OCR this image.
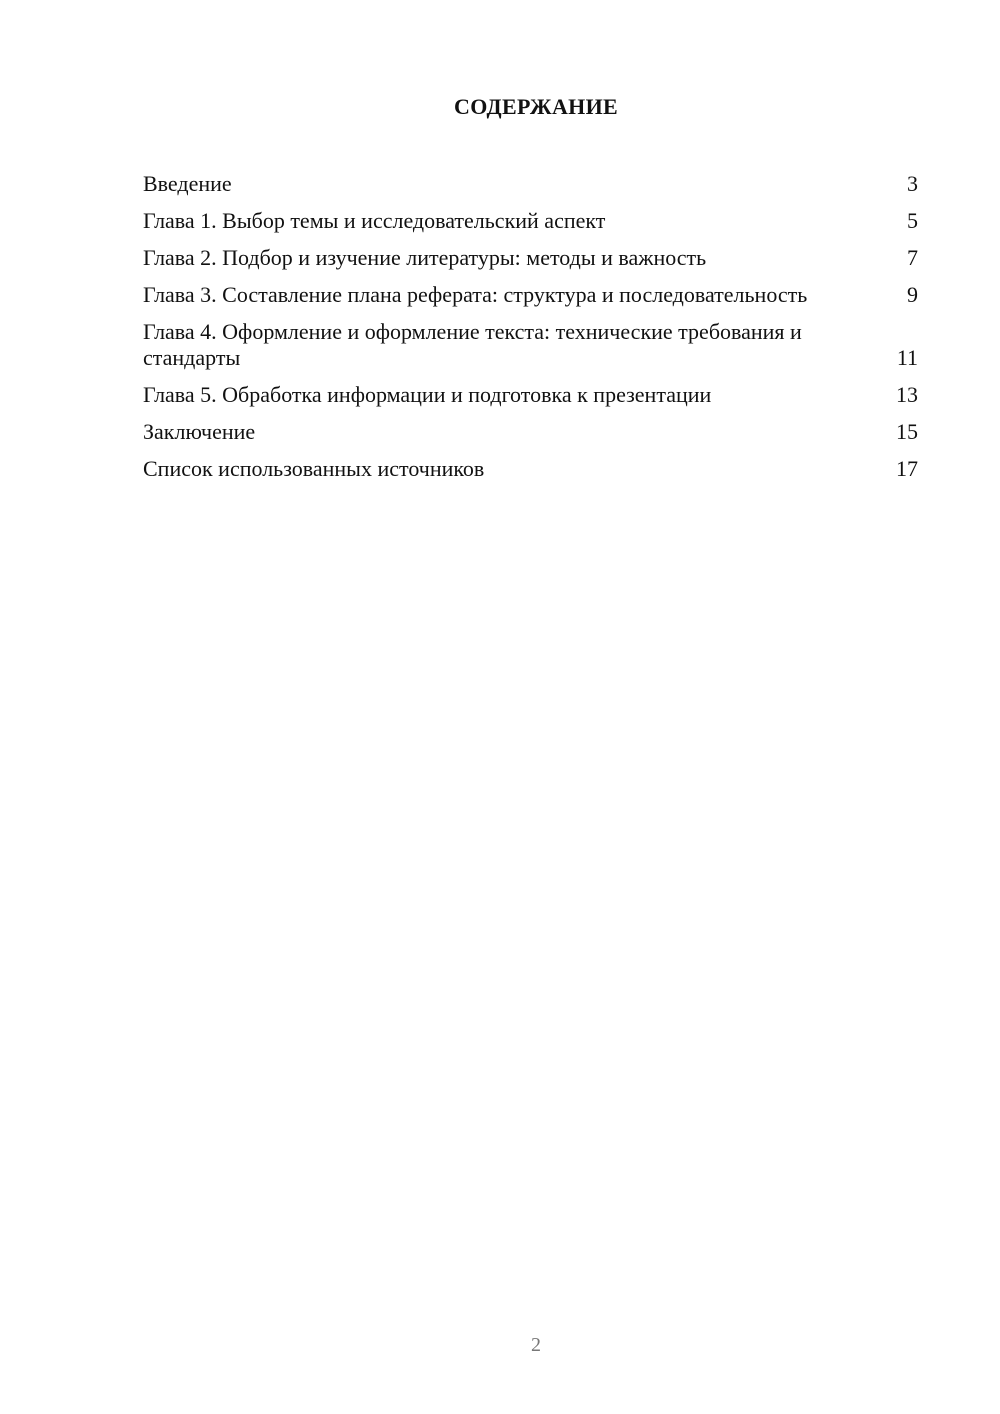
СОДЕРЖАНИЕ
Введение	3
Глава 1. Выбор темы и исследовательский аспект	5
Глава 2. Подбор и изучение литературы: методы и важность	7
Глава 3. Составление плана реферата: структура и последовательность	9
Глава 4. Оформление и оформление текста: технические требования и стандарты	11
Глава 5. Обработка информации и подготовка к презентации	13
Заключение	15
Список использованных источников	17
2
